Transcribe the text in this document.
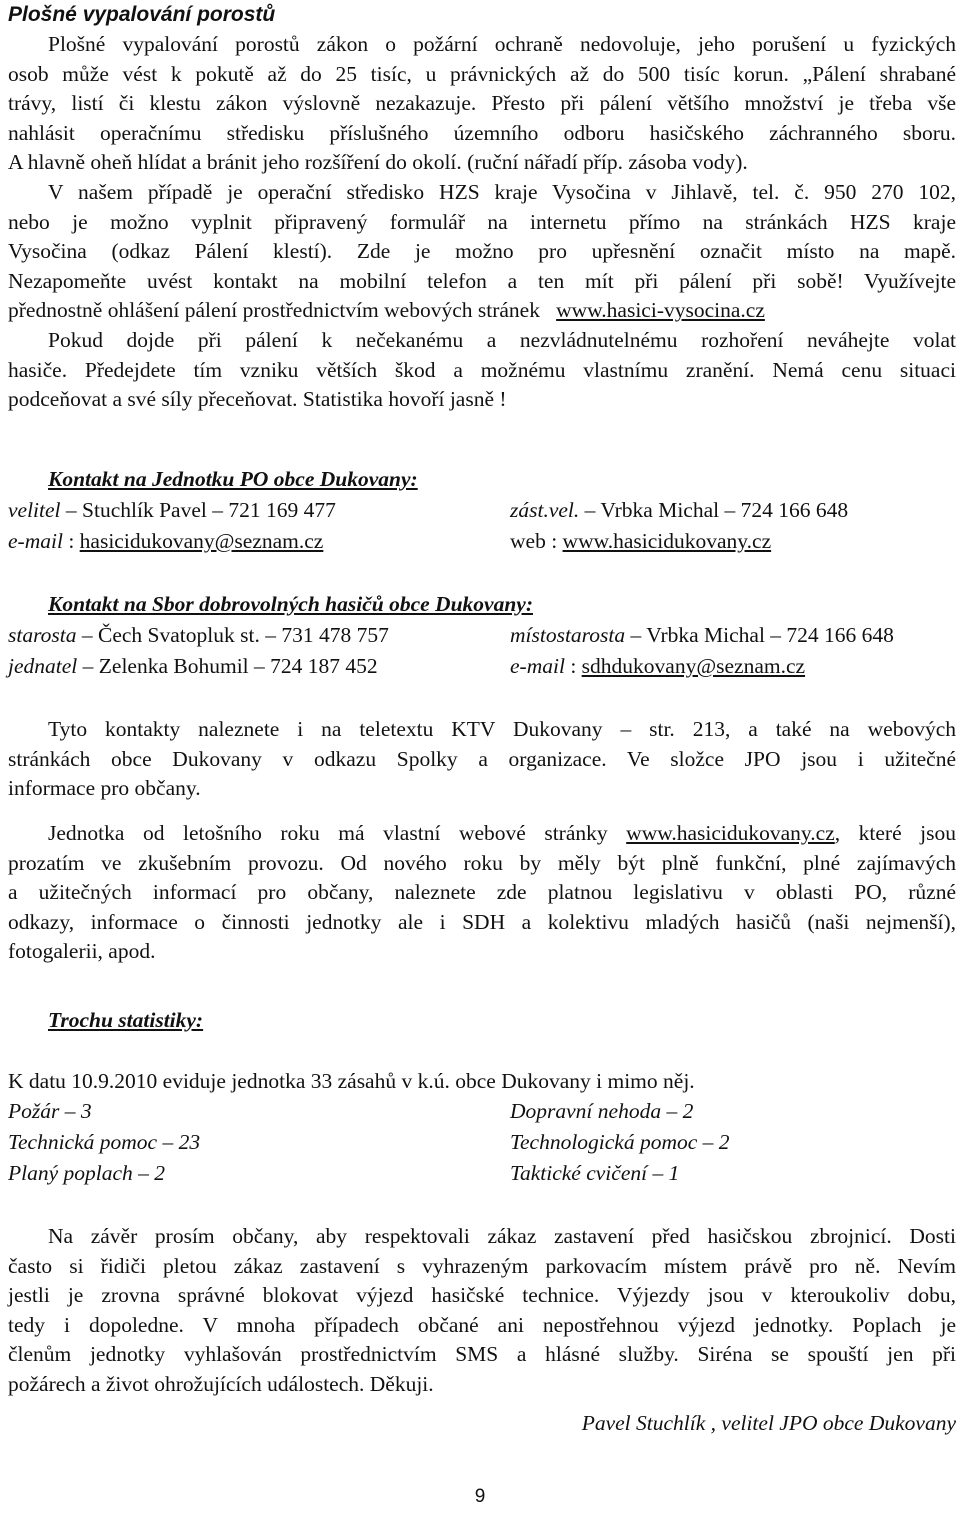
Plošné vypalování porostů
Plošné vypalování porostů zákon o požární ochraně nedovoluje, jeho porušení u fyzických
osob může vést k pokutě až do 25 tisíc, u právnických až do 500 tisíc korun. „Pálení shrabané
trávy, listí či klestu zákon výslovně nezakazuje. Přesto při pálení většího množství je třeba vše
nahlásit operačnímu středisku příslušného územního odboru hasičského záchranného sboru.
A hlavně oheň hlídat a bránit jeho rozšíření do okolí. (ruční nářadí příp. zásoba vody).
V našem případě je operační středisko HZS kraje Vysočina v Jihlavě, tel. č. 950 270 102,
nebo je možno vyplnit připravený formulář na internetu přímo na stránkách HZS kraje
Vysočina (odkaz Pálení klestí). Zde je možno pro upřesnění označit místo na mapě.
Nezapomeňte uvést kontakt na mobilní telefon a ten mít při pálení při sobě! Využívejte
přednostně ohlášení pálení prostřednictvím webových stránek www.hasici-vysocina.cz
Pokud dojde při pálení k nečekanému a nezvládnutelnému rozhoření neváhejte volat
hasiče. Předejdete tím vzniku větších škod a možnému vlastnímu zranění. Nemá cenu situaci
podceňovat a své síly přeceňovat. Statistika hovoří jasně !
Kontakt na Jednotku PO obce Dukovany:
velitel – Stuchlík Pavel – 721 169 477	zást.vel. – Vrbka Michal – 724 166 648
e-mail : hasicidukovany@seznam.cz	web : www.hasicidukovany.cz
Kontakt na Sbor dobrovolných hasičů obce Dukovany:
starosta – Čech Svatopluk st. – 731 478 757	místostarosta – Vrbka Michal – 724 166 648
jednatel – Zelenka Bohumil – 724 187 452	e-mail : sdhdukovany@seznam.cz
Tyto kontakty naleznete i na teletextu KTV Dukovany – str. 213, a také na webových
stránkách obce Dukovany v odkazu Spolky a organizace. Ve složce JPO jsou i užitečné
informace pro občany.
Jednotka od letošního roku má vlastní webové stránky www.hasicidukovany.cz, které jsou
prozatím ve zkušebním provozu. Od nového roku by měly být plně funkční, plné zajímavých
a užitečných informací pro občany, naleznete zde platnou legislativu v oblasti PO, různé
odkazy, informace o činnosti jednotky ale i SDH a kolektivu mladých hasičů (naši nejmenší),
fotogalerii, apod.
Trochu statistiky:
K datu 10.9.2010 eviduje jednotka 33 zásahů v k.ú. obce Dukovany i mimo něj.
Požár – 3	Dopravní nehoda – 2
Technická pomoc – 23	Technologická pomoc – 2
Planý poplach – 2	Taktické cvičení – 1
Na závěr prosím občany, aby respektovali zákaz zastavení před hasičskou zbrojnicí. Dosti
často si řidiči pletou zákaz zastavení s vyhrazeným parkovacím místem právě pro ně. Nevím
jestli je zrovna správné blokovat výjezd hasičské technice. Výjezdy jsou v kteroukoliv dobu,
tedy i dopoledne. V mnoha případech občané ani nepostřehnou výjezd jednotky. Poplach je
členům jednotky vyhlašován prostřednictvím SMS a hlásné služby. Siréna se spouští jen při
požárech a život ohrožujících událostech. Děkuji.
Pavel Stuchlík , velitel JPO obce Dukovany
9
